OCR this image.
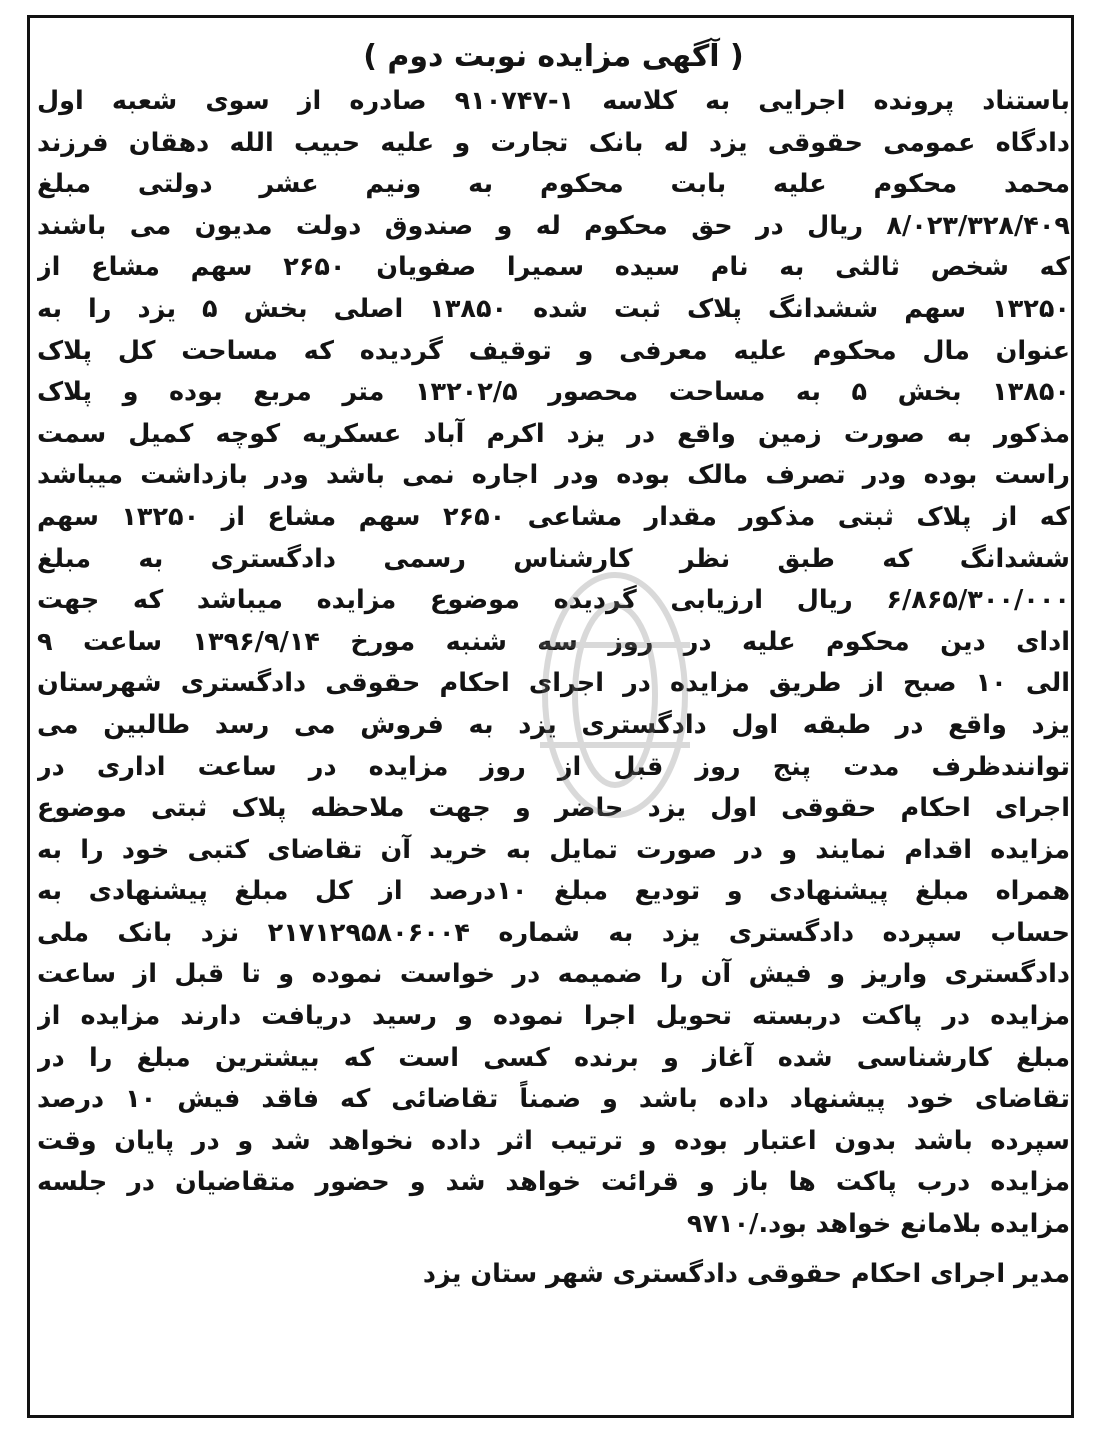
( آگهی مزایده نوبت دوم )
باستناد پرونده اجرایی به کلاسه ۱-۹۱۰۷۴۷ صادره از سوی شعبه اول
دادگاه عمومی حقوقی یزد له بانک تجارت و علیه حبیب الله دهقان فرزند
محمد محکوم علیه بابت محکوم به ونیم عشر دولتی مبلغ
۸/۰۲۳/۳۲۸/۴۰۹ ریال در حق محکوم له و صندوق دولت مدیون می باشند
که شخص ثالثی به نام سیده سمیرا صفویان ۲۶۵۰ سهم مشاع از
۱۳۲۵۰ سهم ششدانگ پلاک ثبت شده ۱۳۸۵۰ اصلی بخش ۵ یزد را به
عنوان مال محکوم علیه معرفی و توقیف گردیده که مساحت کل پلاک
۱۳۸۵۰ بخش ۵ به مساحت محصور ۱۳۲۰۲/۵ متر مربع بوده و پلاک
مذکور به صورت زمین واقع در یزد اکرم آباد عسکریه کوچه کمیل سمت
راست بوده ودر تصرف مالک بوده ودر اجاره نمی باشد ودر بازداشت میباشد
که از پلاک ثبتی مذکور مقدار مشاعی ۲۶۵۰ سهم مشاع از ۱۳۲۵۰ سهم
ششدانگ که طبق نظر کارشناس رسمی دادگستری به مبلغ
۶/۸۶۵/۳۰۰/۰۰۰ ریال ارزیابی گردیده موضوع مزایده میباشد که جهت
ادای دین محکوم علیه در روز سه شنبه مورخ ۱۳۹۶/۹/۱۴ ساعت ۹
الی ۱۰ صبح از طریق مزایده در اجرای احکام حقوقی دادگستری شهرستان
یزد واقع در طبقه اول دادگستری یزد به فروش می رسد طالبین می
توانندظرف مدت پنج روز قبل از روز مزایده در ساعت اداری در
اجرای احکام حقوقی اول یزد حاضر و جهت ملاحظه پلاک ثبتی موضوع
مزایده اقدام نمایند و در صورت تمایل به خرید آن تقاضای کتبی خود را به
همراه مبلغ پیشنهادی و تودیع مبلغ ۱۰درصد از کل مبلغ پیشنهادی به
حساب سپرده دادگستری یزد به شماره ۲۱۷۱۲۹۵۸۰۶۰۰۴ نزد بانک ملی
دادگستری واریز و فیش آن را ضمیمه در خواست نموده و تا قبل از ساعت
مزایده در پاکت دربسته تحویل اجرا نموده و رسید دریافت دارند مزایده از
مبلغ کارشناسی شده آغاز و برنده کسی است که بیشترین مبلغ را در
تقاضای خود پیشنهاد داده باشد و ضمناً تقاضائی که فاقد فیش ۱۰ درصد
سپرده باشد بدون اعتبار بوده و ترتیب اثر داده نخواهد شد و در پایان وقت
مزایده درب پاکت ها باز و قرائت خواهد شد و حضور متقاضیان در جلسه
مزایده بلامانع خواهد بود./۹۷۱۰
مدیر اجرای احکام حقوقی دادگستری شهر ستان یزد
